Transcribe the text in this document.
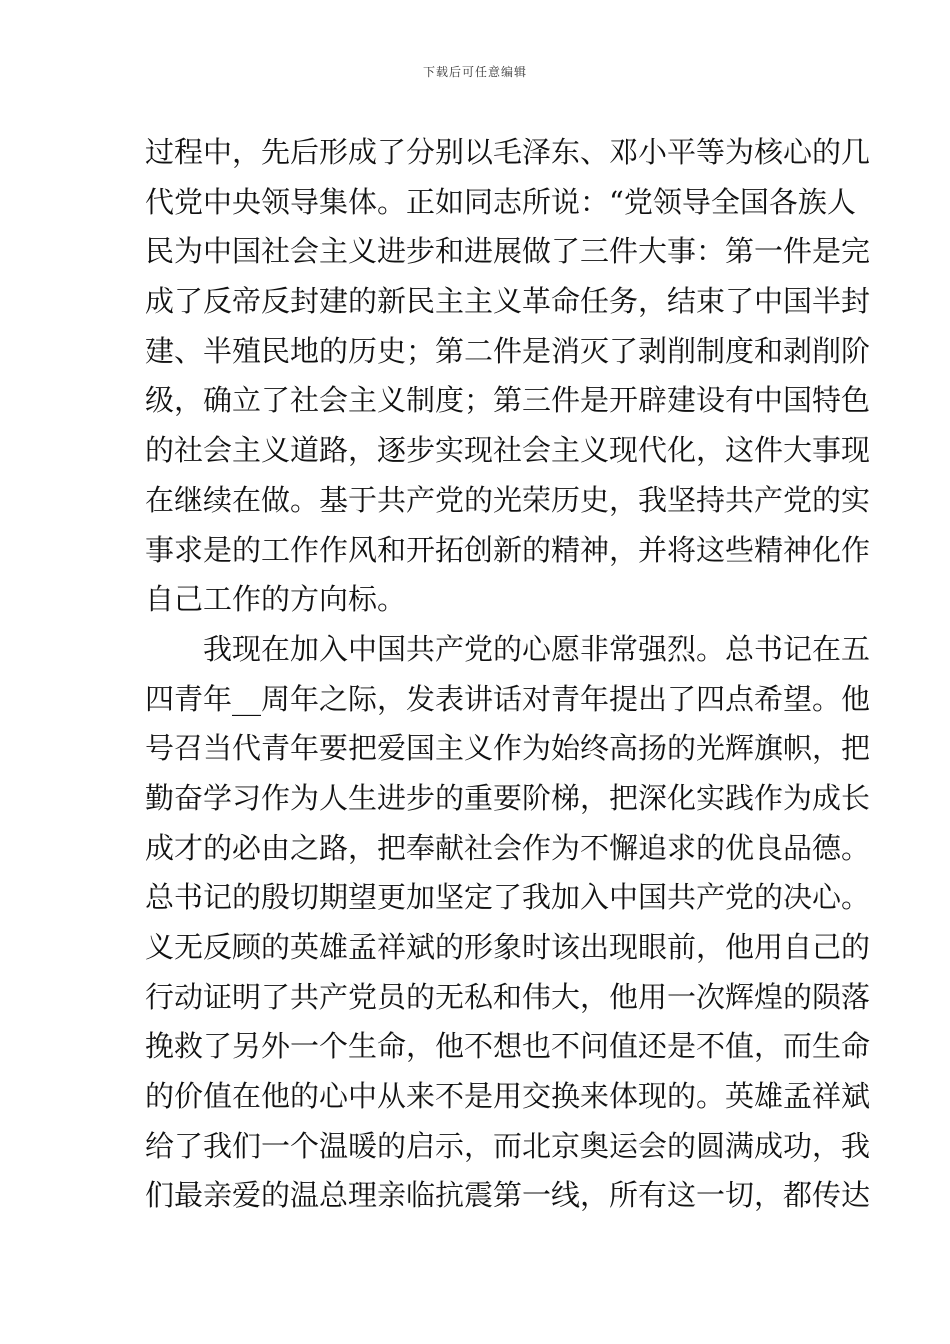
下载后可任意编辑
过程中，先后形成了分别以毛泽东、邓小平等为核心的几
代党中央领导集体。正如同志所说：“党领导全国各族人
民为中国社会主义进步和进展做了三件大事：第一件是完
成了反帝反封建的新民主主义革命任务，结束了中国半封
建、半殖民地的历史；第二件是消灭了剥削制度和剥削阶
级，确立了社会主义制度；第三件是开辟建设有中国特色
的社会主义道路，逐步实现社会主义现代化，这件大事现
在继续在做。基于共产党的光荣历史，我坚持共产党的实
事求是的工作作风和开拓创新的精神，并将这些精神化作
自己工作的方向标。
我现在加入中国共产党的心愿非常强烈。总书记在五
四青年__周年之际，发表讲话对青年提出了四点希望。他
号召当代青年要把爱国主义作为始终高扬的光辉旗帜，把
勤奋学习作为人生进步的重要阶梯，把深化实践作为成长
成才的必由之路，把奉献社会作为不懈追求的优良品德。
总书记的殷切期望更加坚定了我加入中国共产党的决心。
义无反顾的英雄孟祥斌的形象时该出现眼前，他用自己的
行动证明了共产党员的无私和伟大，他用一次辉煌的陨落
挽救了另外一个生命，他不想也不问值还是不值，而生命
的价值在他的心中从来不是用交换来体现的。英雄孟祥斌
给了我们一个温暖的启示，而北京奥运会的圆满成功，我
们最亲爱的温总理亲临抗震第一线，所有这一切，都传达
